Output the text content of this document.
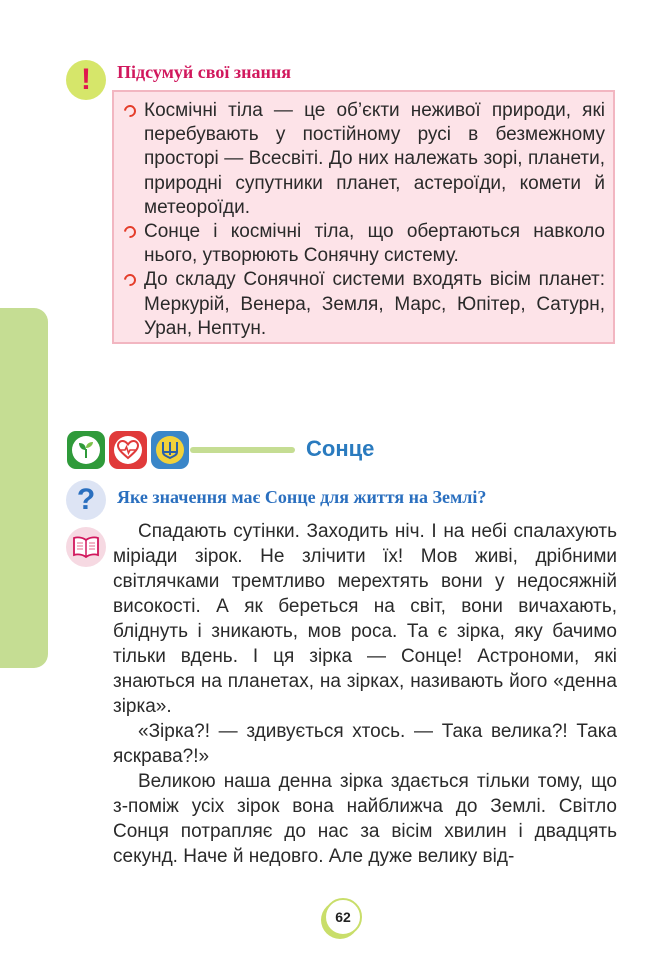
! Підсумуй свої знання
Космічні тіла — це об’єкти неживої природи, які перебувають у постійному русі в безмежному просторі — Всесвіті. До них належать зорі, планети, природні супутники планет, астероїди, комети й метеороїди.
Сонце і космічні тіла, що обертаються навколо нього, утворюють Сонячну систему.
До складу Сонячної системи входять вісім планет: Меркурій, Венера, Земля, Марс, Юпітер, Сатурн, Уран, Нептун.
Сонце
? Яке значення має Сонце для життя на Землі?

Спадають сутінки. Заходить ніч. І на небі спалахують міріади зірок. Не злічити їх! Мов живі, дрібними світлячками тремтливо мерехтять вони у недосяжній високості. А як береться на світ, вони вичахають, бліднуть і зникають, мов роса. Та є зірка, яку бачимо тільки вдень. І ця зірка — Сонце! Астрономи, які знаються на планетах, на зірках, називають його «денна зірка».

«Зірка?! — здивується хтось. — Така велика?! Така яскрава?!»

Великою наша денна зірка здається тільки тому, що з-поміж усіх зірок вона найближча до Землі. Світло Сонця потрапляє до нас за вісім хвилин і двадцять секунд. Наче й недовго. Але дуже велику від-

62
